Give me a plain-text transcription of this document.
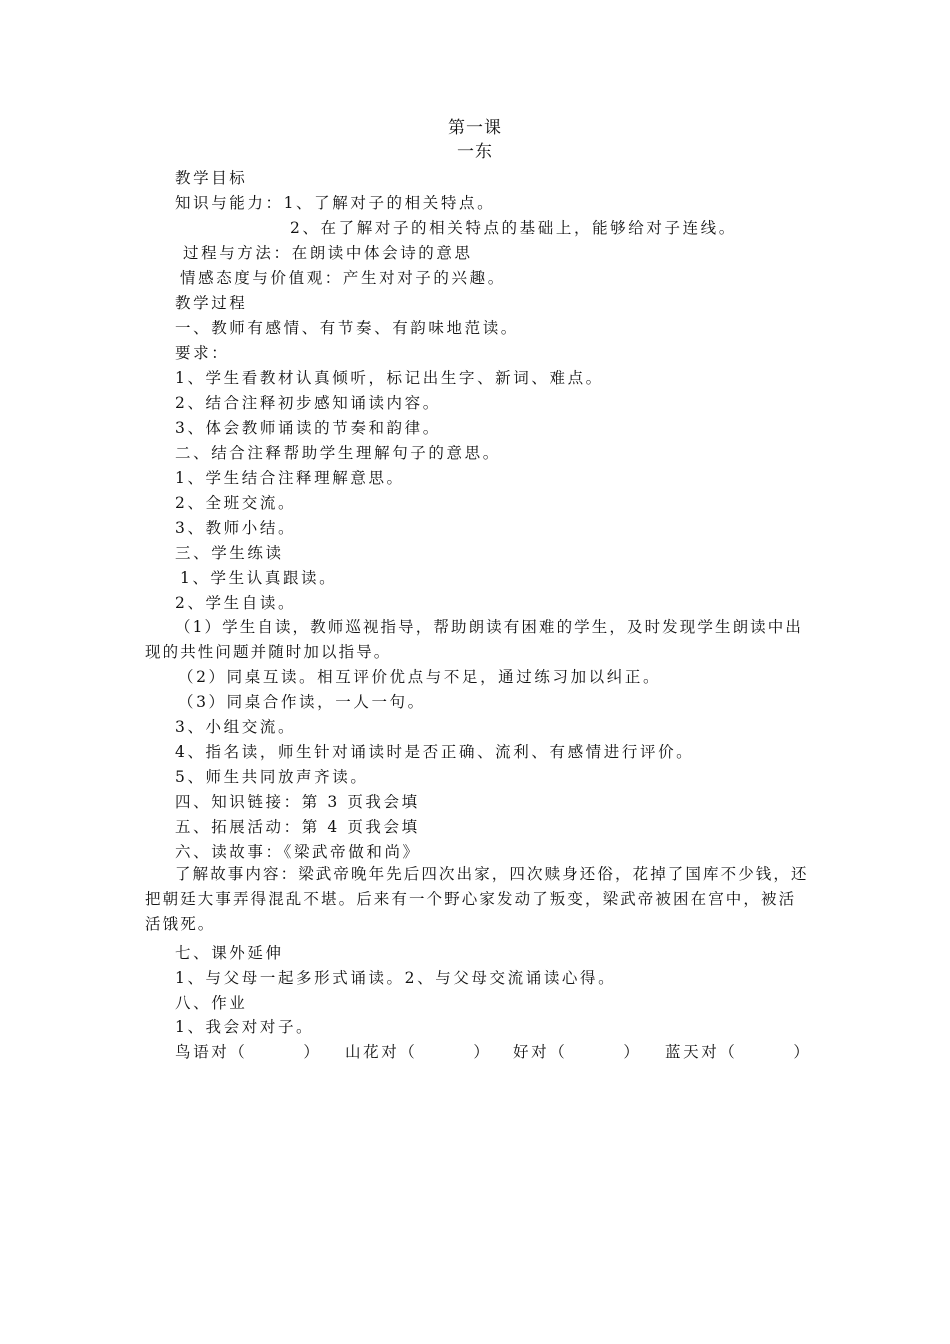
第一课
一东
教学目标
知识与能力：1、了解对子的相关特点。
2、在了解对子的相关特点的基础上，能够给对子连线。
过程与方法：在朗读中体会诗的意思
情感态度与价值观：产生对对子的兴趣。
教学过程
一、教师有感情、有节奏、有韵味地范读。
要求：
1、学生看教材认真倾听，标记出生字、新词、难点。
2、结合注释初步感知诵读内容。
3、体会教师诵读的节奏和韵律。
二、结合注释帮助学生理解句子的意思。
1、学生结合注释理解意思。
2、全班交流。
3、教师小结。
三、学生练读
1、学生认真跟读。
2、学生自读。
（1）学生自读，教师巡视指导，帮助朗读有困难的学生，及时发现学生朗读中出现的共性问题并随时加以指导。
（2）同桌互读。相互评价优点与不足，通过练习加以纠正。
（3）同桌合作读，一人一句。
3、小组交流。
4、指名读，师生针对诵读时是否正确、流利、有感情进行评价。
5、师生共同放声齐读。
四、知识链接：第 3 页我会填
五、拓展活动：第 4 页我会填
六、读故事：《梁武帝做和尚》
了解故事内容：梁武帝晚年先后四次出家，四次赎身还俗，花掉了国库不少钱，还把朝廷大事弄得混乱不堪。后来有一个野心家发动了叛变，梁武帝被困在宫中，被活活饿死。
七、课外延伸
1、与父母一起多形式诵读。2、与父母交流诵读心得。
八、作业
1、我会对对子。
鸟语对（	） 山花对（	） 好对（	） 蓝天对（	）
